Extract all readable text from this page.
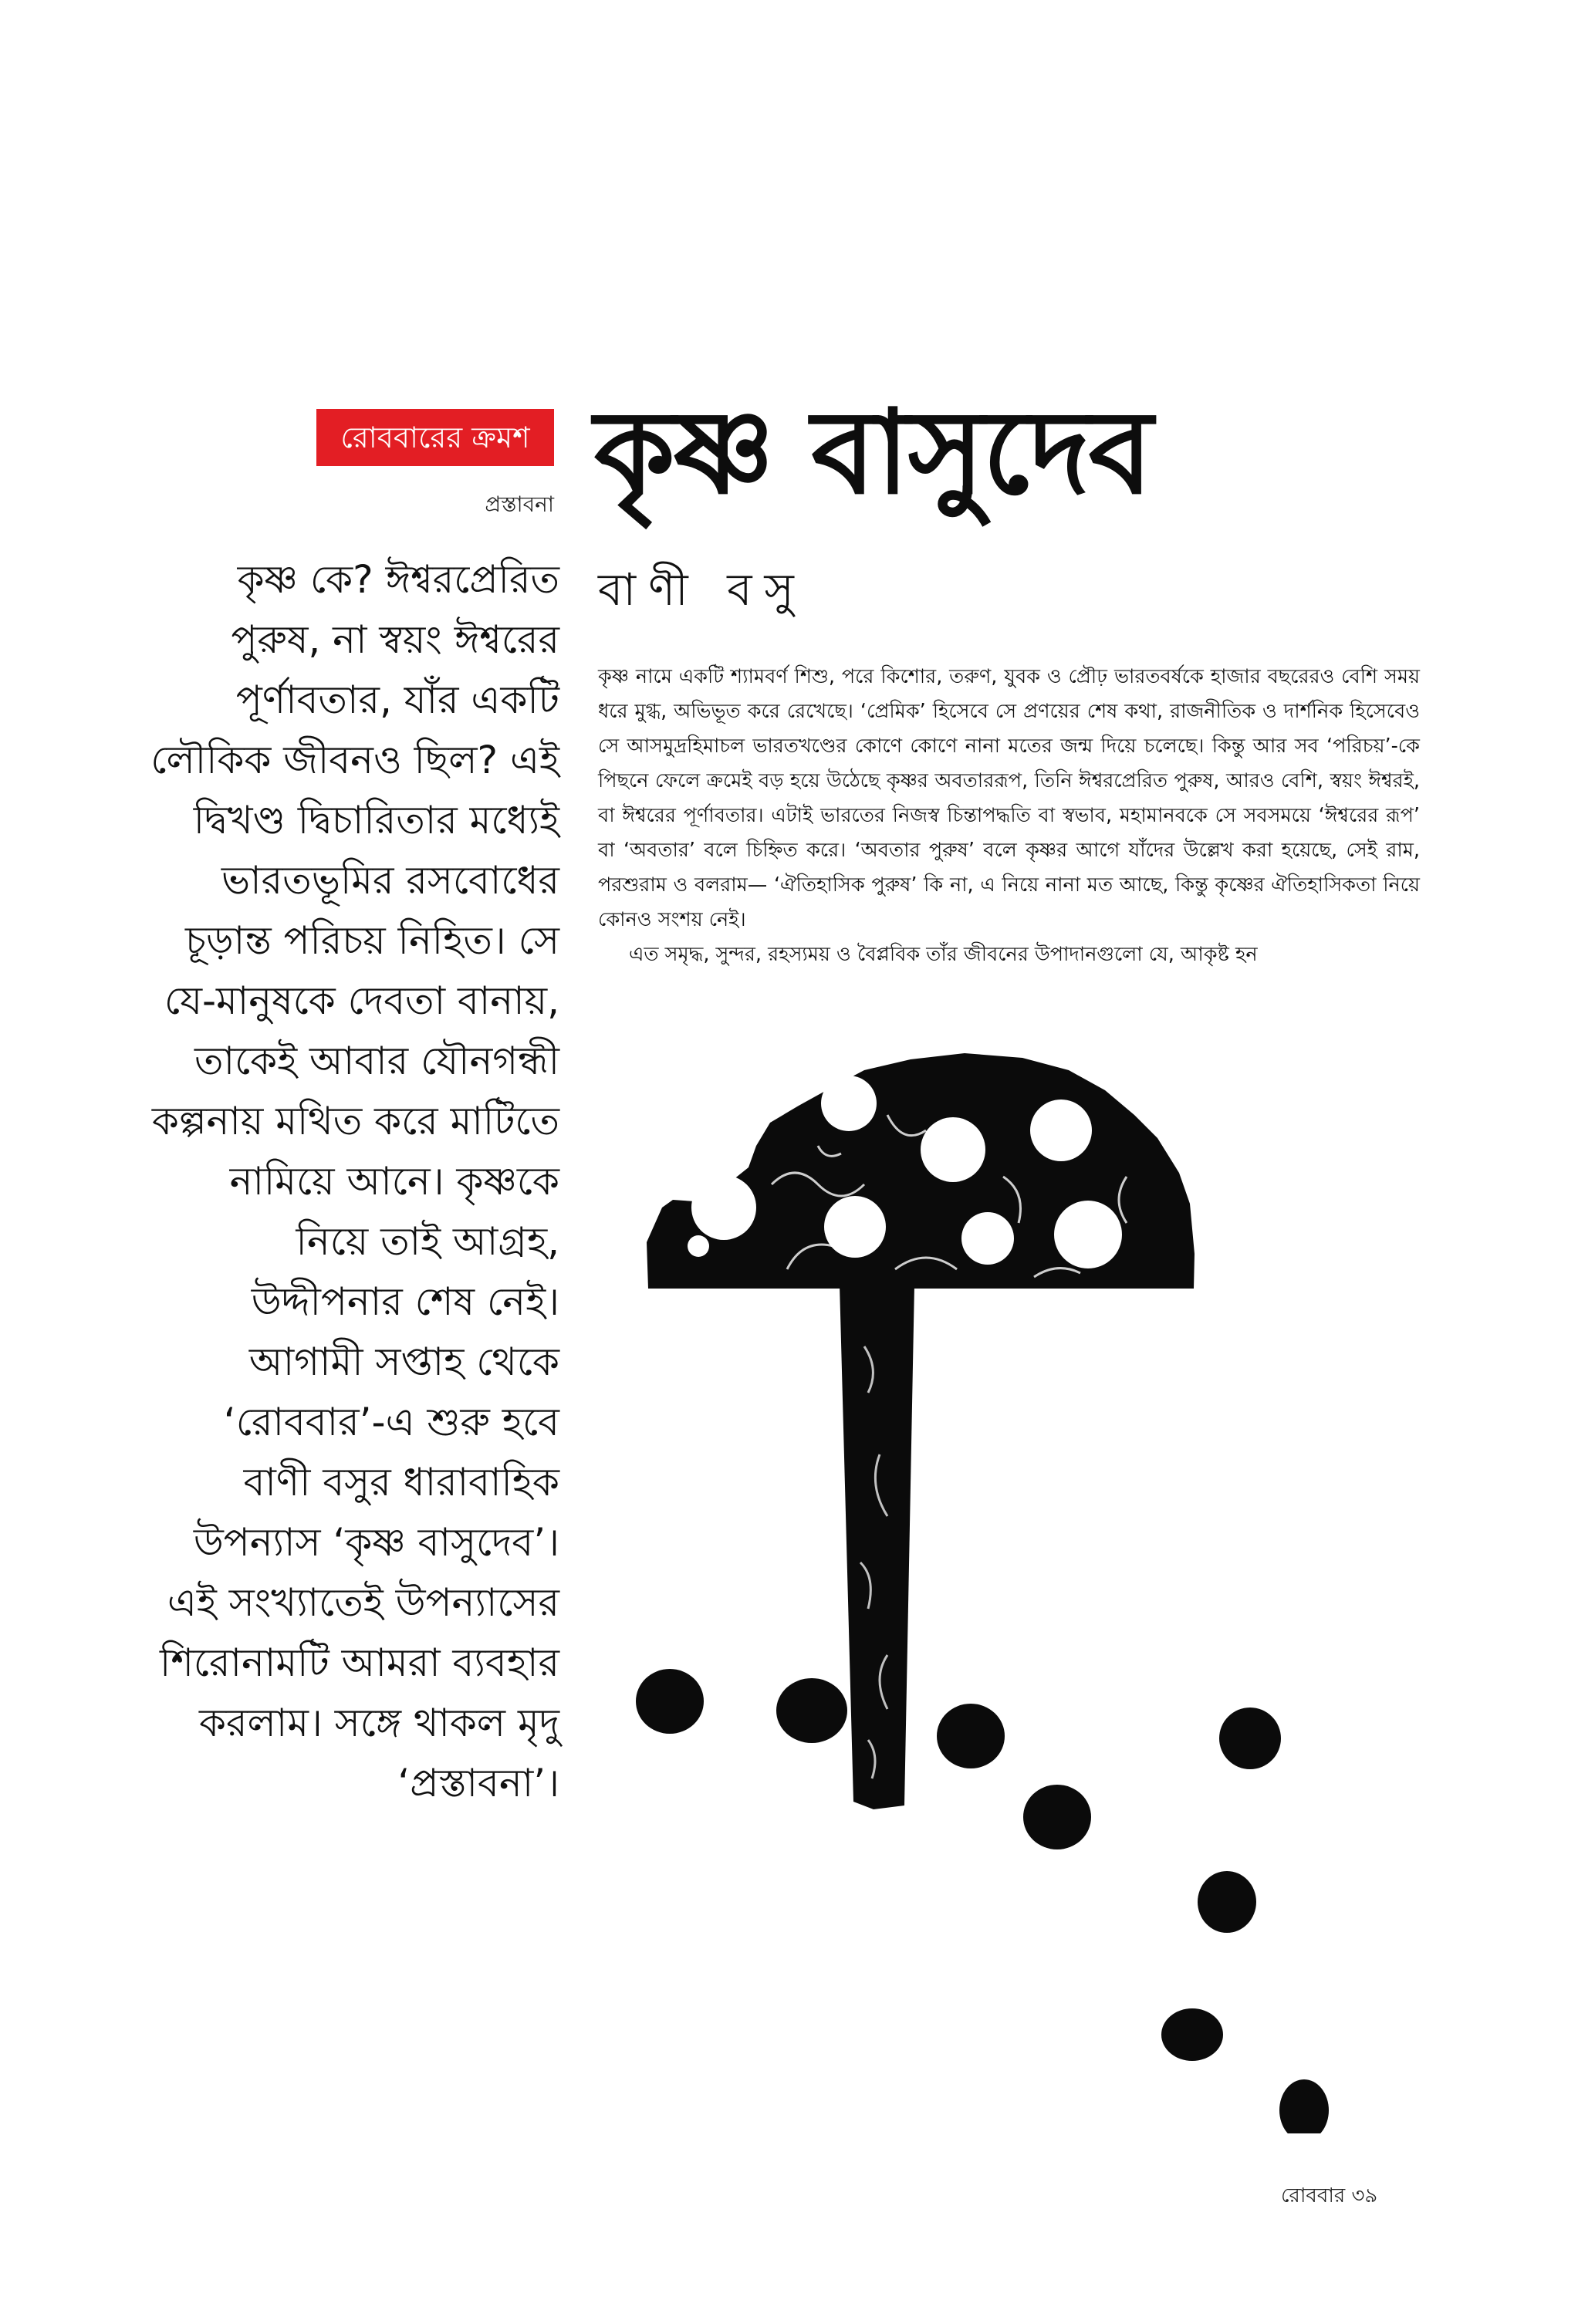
রোববারের ক্রমশ
প্রস্তাবনা কৃষ্ণ বাসুদেব
বাণী বসু

কৃষ্ণ কে? ঈশ্বরপ্রেরিত পুরুষ, না স্বয়ং ঈশ্বরের পূর্ণাবতার, যাঁর একটি লৌকিক জীবনও ছিল? এই দ্বিখণ্ড দ্বিচারিতার মধ্যেই ভারতভূমির রসবোধের চূড়ান্ত পরিচয় নিহিত। সে যে-মানুষকে দেবতা বানায়, তাকেই আবার যৌনগন্ধী কল্পনায় মথিত করে মাটিতে নামিয়ে আনে। কৃষ্ণকে নিয়ে তাই আগ্রহ, উদ্দীপনার শেষ নেই। আগামী সপ্তাহ থেকে ‘রোববার’-এ শুরু হবে বাণী বসুর ধারাবাহিক উপন্যাস ‘কৃষ্ণ বাসুদেব’। এই সংখ্যাতেই উপন্যাসের শিরোনামটি আমরা ব্যবহার করলাম। সঙ্গে থাকল মৃদু ‘প্রস্তাবনা’।

কৃষ্ণ নামে একটি শ্যামবর্ণ শিশু, পরে কিশোর, তরুণ, যুবক ও প্রৌঢ় ভারতবর্ষকে হাজার বছরেরও বেশি সময় ধরে মুগ্ধ, অভিভূত করে রেখেছে। ‘প্রেমিক’ হিসেবে সে প্রণয়ের শেষ কথা, রাজনীতিক ও দার্শনিক হিসেবেও সে আসমুদ্রহিমাচল ভারতখণ্ডের কোণে কোণে নানা মতের জন্ম দিয়ে চলেছে। কিন্তু আর সব ‘পরিচয়’-কে পিছনে ফেলে ক্রমেই বড় হয়ে উঠেছে কৃষ্ণর অবতাররূপ, তিনি ঈশ্বরপ্রেরিত পুরুষ, আরও বেশি, স্বয়ং ঈশ্বরই, বা ঈশ্বরের পূর্ণাবতার। এটাই ভারতের নিজস্ব চিন্তাপদ্ধতি বা স্বভাব, মহামানবকে সে সবসময়ে ‘ঈশ্বরের রূপ’ বা ‘অবতার’ বলে চিহ্নিত করে। ‘অবতার পুরুষ’ বলে কৃষ্ণর আগে যাঁদের উল্লেখ করা হয়েছে, সেই রাম, পরশুরাম ও বলরাম— ‘ঐতিহাসিক পুরুষ’ কি না, এ নিয়ে নানা মত আছে, কিন্তু কৃষ্ণের ঐতিহাসিকতা নিয়ে কোনও সংশয় নেই।

এত সমৃদ্ধ, সুন্দর, রহস্যময় ও বৈপ্লবিক তাঁর জীবনের উপাদানগুলো যে, আকৃষ্ট হন

রোববার ৩৯
